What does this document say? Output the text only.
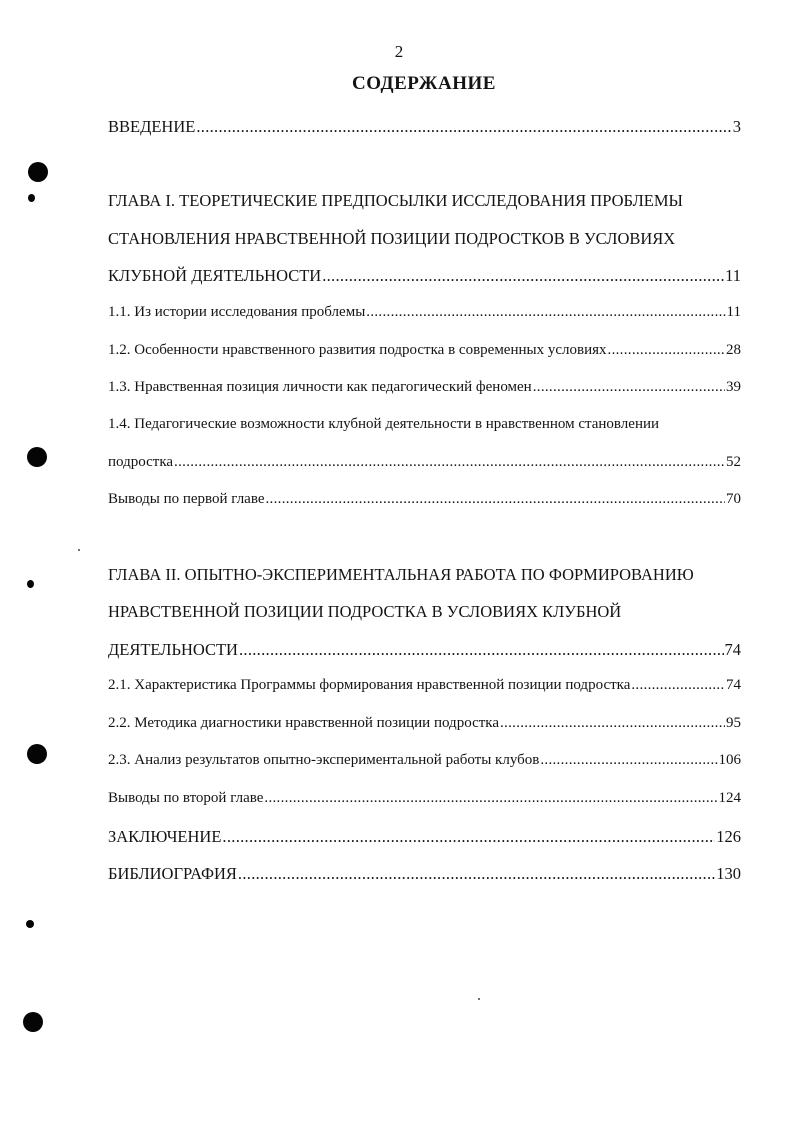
2
СОДЕРЖАНИЕ
ВВЕДЕНИЕ .....	3
ГЛАВА I. ТЕОРЕТИЧЕСКИЕ ПРЕДПОСЫЛКИ ИССЛЕДОВАНИЯ ПРОБЛЕМЫ
СТАНОВЛЕНИЯ НРАВСТВЕННОЙ ПОЗИЦИИ ПОДРОСТКОВ В УСЛОВИЯХ
КЛУБНОЙ ДЕЯТЕЛЬНОСТИ .....	11
1.1. Из истории исследования проблемы .....	11
1.2. Особенности нравственного развития подростка в современных условиях .....	28
1.3. Нравственная позиция личности как педагогический феномен .....	39
1.4. Педагогические возможности клубной деятельности в нравственном становлении
подростка .....	52
Выводы по первой главе .....	70
ГЛАВА II. ОПЫТНО-ЭКСПЕРИМЕНТАЛЬНАЯ РАБОТА ПО ФОРМИРОВАНИЮ
НРАВСТВЕННОЙ ПОЗИЦИИ ПОДРОСТКА В УСЛОВИЯХ КЛУБНОЙ
ДЕЯТЕЛЬНОСТИ .....	74
2.1. Характеристика Программы формирования нравственной позиции подростка .....	74
2.2. Методика диагностики нравственной позиции подростка .....	95
2.3. Анализ результатов опытно-экспериментальной работы клубов .....	106
Выводы по второй главе .....	124
ЗАКЛЮЧЕНИЕ .....	126
БИБЛИОГРАФИЯ .....	130
